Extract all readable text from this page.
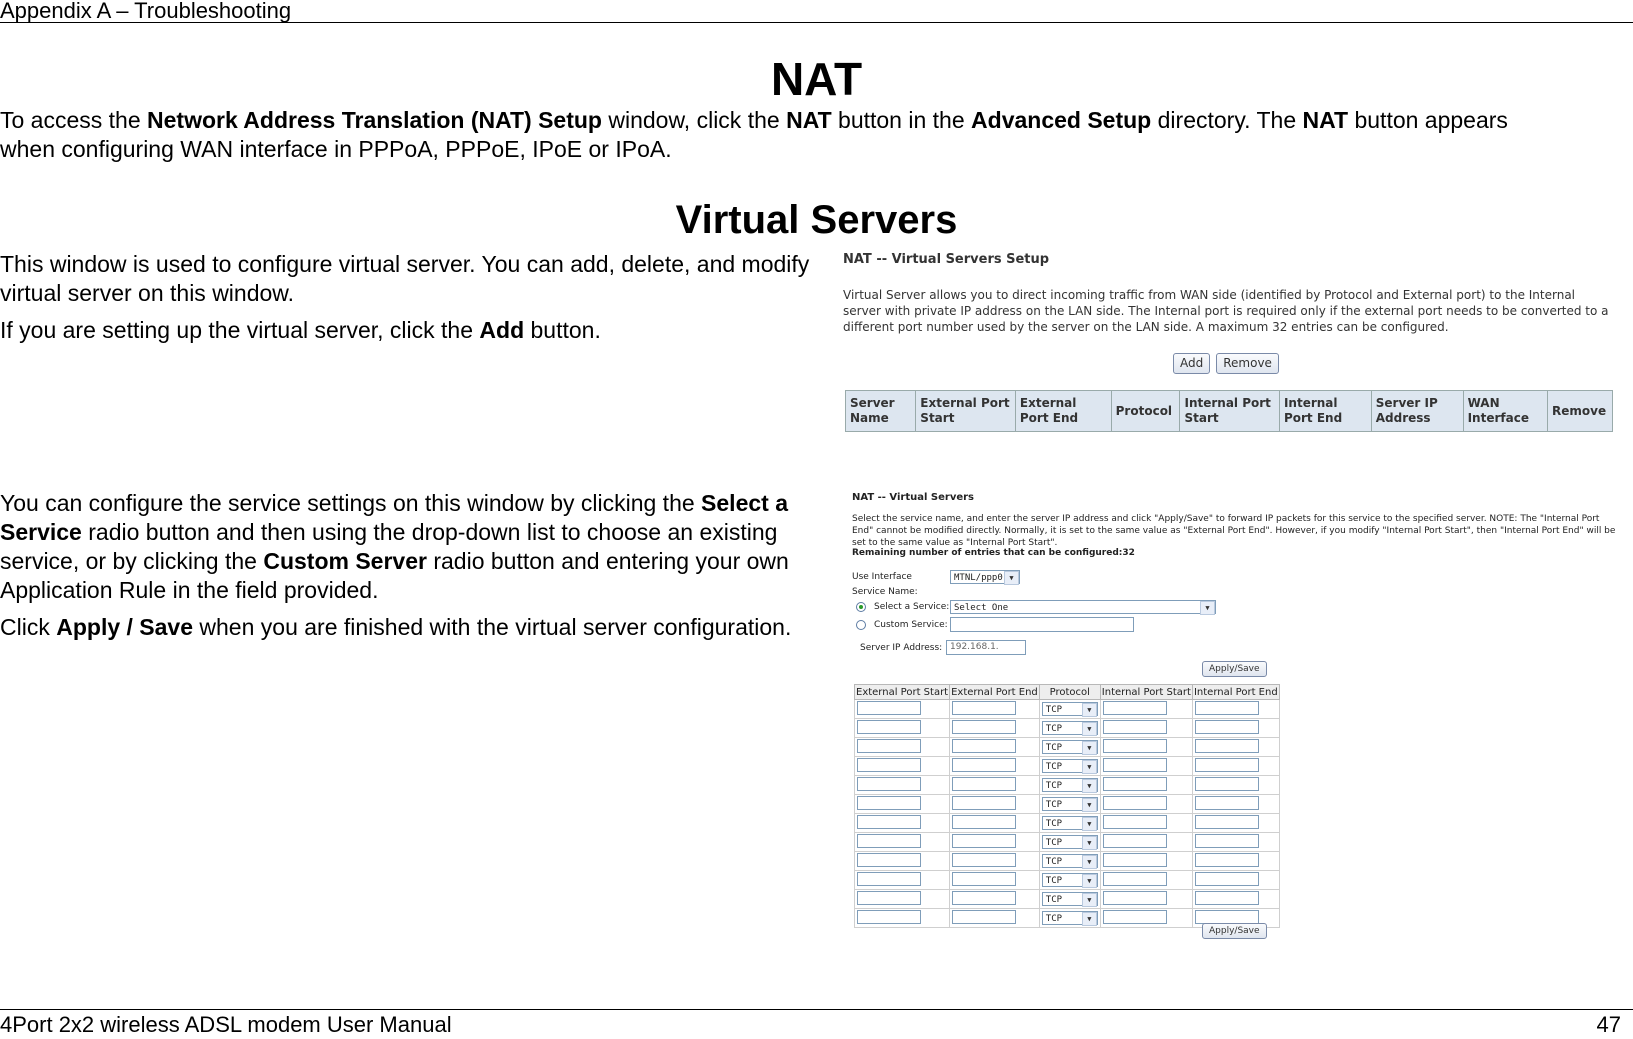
Appendix A – Troubleshooting
NAT

To access the Network Address Translation (NAT) Setup window, click the NAT button in the Advanced Setup directory. The NAT button appears when configuring WAN interface in PPPoA, PPPoE, IPoE or IPoA.

Virtual Servers

This window is used to configure virtual server. You can add, delete, and modify virtual server on this window.

If you are setting up the virtual server, click the Add button.

You can configure the service settings on this window by clicking the Select a Service radio button and then using the drop-down list to choose an existing service, or by clicking the Custom Server radio button and entering your own Application Rule in the field provided.

Click Apply / Save when you are finished with the virtual server configuration.

NAT -- Virtual Servers Setup
Virtual Server allows you to direct incoming traffic from WAN side (identified by Protocol and External port) to the Internal server with private IP address on the LAN side. The Internal port is required only if the external port needs to be converted to a different port number used by the server on the LAN side. A maximum 32 entries can be configured.
Add Remove
Server Name	External Port Start	External Port End	Protocol	Internal Port Start	Internal Port End	Server IP Address	WAN Interface	Remove
NAT -- Virtual Servers
Select the service name, and enter the server IP address and click "Apply/Save" to forward IP packets for this service to the specified server. NOTE: The "Internal Port End" cannot be modified directly. Normally, it is set to the same value as "External Port End". However, if you modify "Internal Port Start", then "Internal Port End" will be set to the same value as "Internal Port Start".
Remaining number of entries that can be configured:32
Use Interface	MTNL/ppp0 ▼
Service Name:
Select a Service: Select One	▼
Custom Service:
Server IP Address: 192.168.1.
Apply/Save
External Port Start	External Port End	Protocol	Internal Port Start	Internal Port End
		TCP ▼		

		TCP ▼		

		TCP ▼		

		TCP ▼		

		TCP ▼		

		TCP ▼		

		TCP ▼		

		TCP ▼		

		TCP ▼		

		TCP ▼		

		TCP ▼		

		TCP ▼		

Apply/Save
4Port 2x2 wireless ADSL modem User Manual	47
